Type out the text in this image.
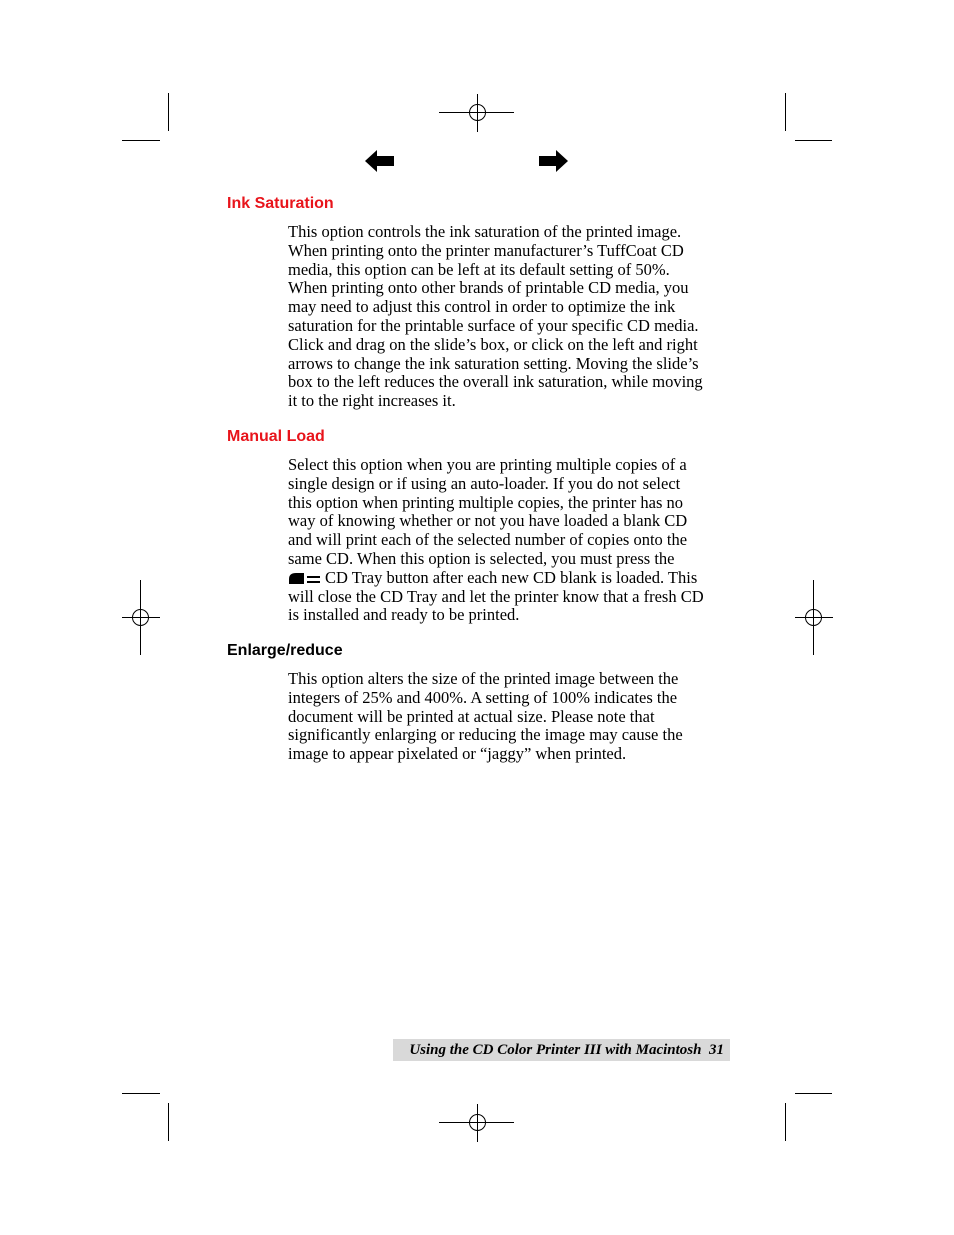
Ink Saturation
This option controls the ink saturation of the printed image.
When printing onto the printer manufacturer’s TuffCoat CD
media, this option can be left at its default setting of 50%.
When printing onto other brands of printable CD media, you
may need to adjust this control in order to optimize the ink
saturation for the printable surface of your specific CD media.
Click and drag on the slide’s box, or click on the left and right
arrows to change the ink saturation setting. Moving the slide’s
box to the left reduces the overall ink saturation, while moving
it to the right increases it.
Manual Load
Select this option when you are printing multiple copies of a
single design or if using an auto-loader. If you do not select
this option when printing multiple copies, the printer has no
way of knowing whether or not you have loaded a blank CD
and will print each of the selected number of copies onto the
same CD. When this option is selected, you must press the
CD Tray button after each new CD blank is loaded. This
will close the CD Tray and let the printer know that a fresh CD
is installed and ready to be printed.
Enlarge/reduce
This option alters the size of the printed image between the
integers of 25% and 400%. A setting of 100% indicates the
document will be printed at actual size. Please note that
significantly enlarging or reducing the image may cause the
image to appear pixelated or “jaggy” when printed.
Using the CD Color Printer III with Macintosh  31
